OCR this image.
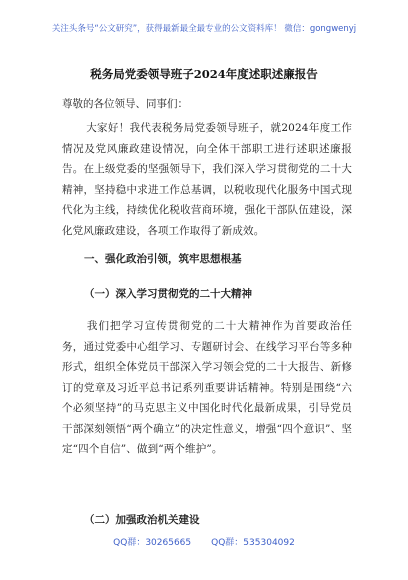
关注头条号“公文研究”，获得最新最全最专业的公文资料库！ 微信：gongwenyj
税务局党委领导班子2024年度述职述廉报告
尊敬的各位领导、同事们：
大家好！我代表税务局党委领导班子，就2024年度工作情况及党风廉政建设情况，向全体干部职工进行述职述廉报告。在上级党委的坚强领导下，我们深入学习贯彻党的二十大精神，坚持稳中求进工作总基调，以税收现代化服务中国式现代化为主线，持续优化税收营商环境，强化干部队伍建设，深化党风廉政建设，各项工作取得了新成效。
一、强化政治引领，筑牢思想根基
（一）深入学习贯彻党的二十大精神
我们把学习宣传贯彻党的二十大精神作为首要政治任务，通过党委中心组学习、专题研讨会、在线学习平台等多种形式，组织全体党员干部深入学习领会党的二十大报告、新修订的党章及习近平总书记系列重要讲话精神。特别是围绕“六个必须坚持”的马克思主义中国化时代化最新成果，引导党员干部深刻领悟“两个确立”的决定性意义，增强“四个意识”、坚定“四个自信”、做到“两个维护”。
（二）加强政治机关建设
QQ群：30265665 QQ群：535304092
